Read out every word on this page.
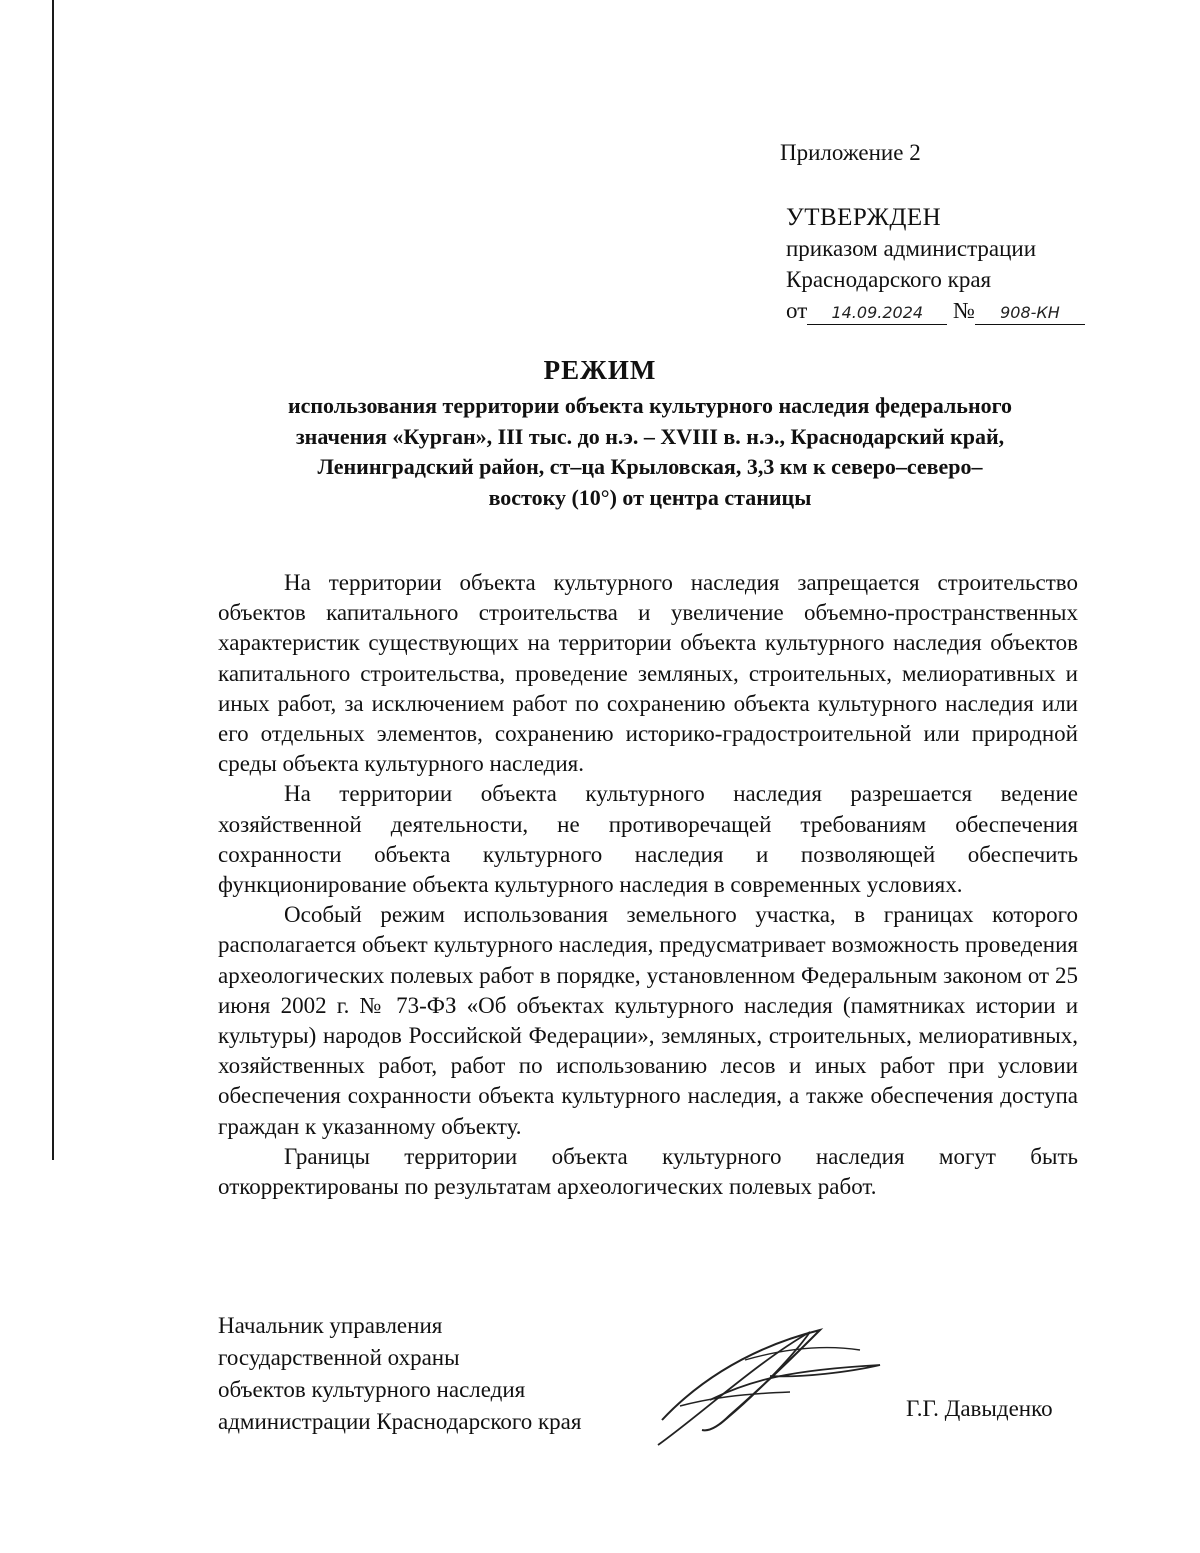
Приложение 2
УТВЕРЖДЕН
приказом администрации
Краснодарского края
от 14.09.2024 № 908-КН
РЕЖИМ
использования территории объекта культурного наследия федерального
значения «Курган», III тыс. до н.э. – XVIII в. н.э., Краснодарский край,
Ленинградский район, ст–ца Крыловская, 3,3 км к северо–северо–
востоку (10°) от центра станицы

На территории объекта культурного наследия запрещается строительство объектов капитального строительства и увеличение объемно-пространственных характеристик существующих на территории объекта культурного наследия объектов капитального строительства, проведение земляных, строительных, мелиоративных и иных работ, за исключением работ по сохранению объекта культурного наследия или его отдельных элементов, сохранению историко-градостроительной или природной среды объекта культурного наследия.

На территории объекта культурного наследия разрешается ведение хозяйственной деятельности, не противоречащей требованиям обеспечения сохранности объекта культурного наследия и позволяющей обеспечить функционирование объекта культурного наследия в современных условиях.

Особый режим использования земельного участка, в границах которого располагается объект культурного наследия, предусматривает возможность проведения археологических полевых работ в порядке, установленном Федеральным законом от 25 июня 2002 г. № 73-ФЗ «Об объектах культурного наследия (памятниках истории и культуры) народов Российской Федерации», земляных, строительных, мелиоративных, хозяйственных работ, работ по использованию лесов и иных работ при условии обеспечения сохранности объекта культурного наследия, а также обеспечения доступа граждан к указанному объекту.

Границы территории объекта культурного наследия могут быть откорректированы по результатам археологических полевых работ.

Начальник управления
государственной охраны
объектов культурного наследия
администрации Краснодарского края
Г.Г. Давыденко
